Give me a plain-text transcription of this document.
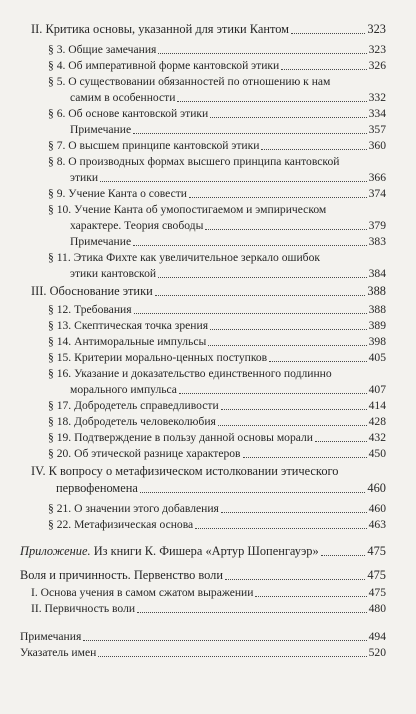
II. Критика основы, указанной для этики Кантом	323
§ 3. Общие замечания	323
§ 4. Об императивной форме кантовской этики	326
§ 5. О существовании обязанностей по отношению к нам
самим в особенности	332
§ 6. Об основе кантовской этики	334
Примечание	357
§ 7. О высшем принципе кантовской этики	360
§ 8. О производных формах высшего принципа кантовской
этики	366
§ 9. Учение Канта о совести	374
§ 10. Учение Канта об умопостигаемом и эмпирическом
характере. Теория свободы	379
Примечание	383
§ 11. Этика Фихте как увеличительное зеркало ошибок
этики кантовской	384
III. Обоснование этики	388
§ 12. Требования	388
§ 13. Скептическая точка зрения	389
§ 14. Антиморальные импульсы	398
§ 15. Критерии морально-ценных поступков	405
§ 16. Указание и доказательство единственного подлинно
морального импульса	407
§ 17. Добродетель справедливости	414
§ 18. Добродетель человеколюбия	428
§ 19. Подтверждение в пользу данной основы морали	432
§ 20. Об этической разнице характеров	450
IV. К вопросу о метафизическом истолковании этического
первофеномена	460
§ 21. О значении этого добавления	460
§ 22. Метафизическая основа	463
Приложение. Из книги К. Фишера «Артур Шопенгауэр»	475
Воля и причинность. Первенство воли	475
I. Основа учения в самом сжатом выражении	475
II. Первичность воли	480
Примечания	494
Указатель имен	520
